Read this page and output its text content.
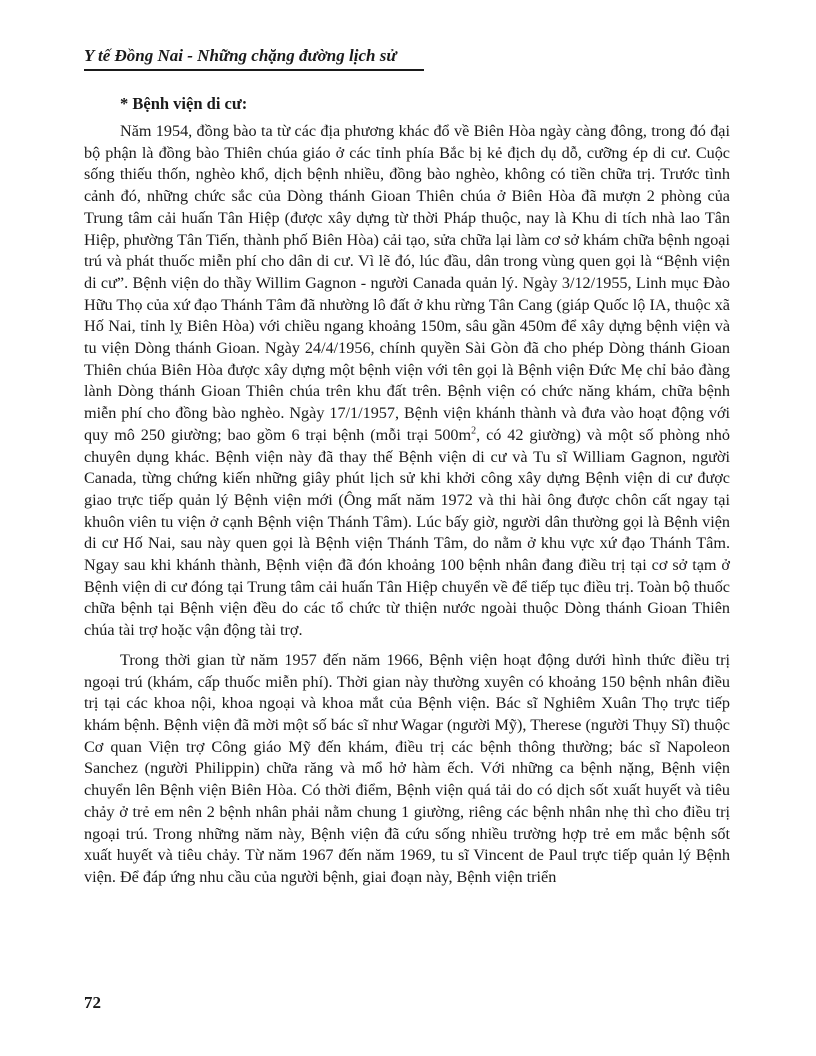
Y tế Đồng Nai - Những chặng đường lịch sử
* Bệnh viện di cư:

Năm 1954, đồng bào ta từ các địa phương khác đổ về Biên Hòa ngày càng đông, trong đó đại bộ phận là đồng bào Thiên chúa giáo ở các tỉnh phía Bắc bị kẻ địch dụ dỗ, cưỡng ép di cư. Cuộc sống thiếu thốn, nghèo khổ, dịch bệnh nhiều, đồng bào nghèo, không có tiền chữa trị. Trước tình cảnh đó, những chức sắc của Dòng thánh Gioan Thiên chúa ở Biên Hòa đã mượn 2 phòng của Trung tâm cải huấn Tân Hiệp (được xây dựng từ thời Pháp thuộc, nay là Khu di tích nhà lao Tân Hiệp, phường Tân Tiến, thành phố Biên Hòa) cải tạo, sửa chữa lại làm cơ sở khám chữa bệnh ngoại trú và phát thuốc miễn phí cho dân di cư. Vì lẽ đó, lúc đầu, dân trong vùng quen gọi là “Bệnh viện di cư”. Bệnh viện do thầy Willim Gagnon - người Canada quản lý. Ngày 3/12/1955, Linh mục Đào Hữu Thọ của xứ đạo Thánh Tâm đã nhường lô đất ở khu rừng Tân Cang (giáp Quốc lộ IA, thuộc xã Hố Nai, tỉnh lỵ Biên Hòa) với chiều ngang khoảng 150m, sâu gần 450m để xây dựng bệnh viện và tu viện Dòng thánh Gioan. Ngày 24/4/1956, chính quyền Sài Gòn đã cho phép Dòng thánh Gioan Thiên chúa Biên Hòa được xây dựng một bệnh viện với tên gọi là Bệnh viện Đức Mẹ chỉ bảo đàng lành Dòng thánh Gioan Thiên chúa trên khu đất trên. Bệnh viện có chức năng khám, chữa bệnh miễn phí cho đồng bào nghèo. Ngày 17/1/1957, Bệnh viện khánh thành và đưa vào hoạt động với quy mô 250 giường; bao gồm 6 trại bệnh (mỗi trại $500m^2$, có 42 giường) và một số phòng nhỏ chuyên dụng khác. Bệnh viện này đã thay thế Bệnh viện di cư và Tu sĩ William Gagnon, người Canada, từng chứng kiến những giây phút lịch sử khi khởi công xây dựng Bệnh viện di cư được giao trực tiếp quản lý Bệnh viện mới (Ông mất năm 1972 và thi hài ông được chôn cất ngay tại khuôn viên tu viện ở cạnh Bệnh viện Thánh Tâm). Lúc bấy giờ, người dân thường gọi là Bệnh viện di cư Hố Nai, sau này quen gọi là Bệnh viện Thánh Tâm, do nằm ở khu vực xứ đạo Thánh Tâm. Ngay sau khi khánh thành, Bệnh viện đã đón khoảng 100 bệnh nhân đang điều trị tại cơ sở tạm ở Bệnh viện di cư đóng tại Trung tâm cải huấn Tân Hiệp chuyển về để tiếp tục điều trị. Toàn bộ thuốc chữa bệnh tại Bệnh viện đều do các tổ chức từ thiện nước ngoài thuộc Dòng thánh Gioan Thiên chúa tài trợ hoặc vận động tài trợ.

Trong thời gian từ năm 1957 đến năm 1966, Bệnh viện hoạt động dưới hình thức điều trị ngoại trú (khám, cấp thuốc miễn phí). Thời gian này thường xuyên có khoảng 150 bệnh nhân điều trị tại các khoa nội, khoa ngoại và khoa mắt của Bệnh viện. Bác sĩ Nghiêm Xuân Thọ trực tiếp khám bệnh. Bệnh viện đã mời một số bác sĩ như Wagar (người Mỹ), Therese (người Thụy Sĩ) thuộc Cơ quan Viện trợ Công giáo Mỹ đến khám, điều trị các bệnh thông thường; bác sĩ Napoleon Sanchez (người Philippin) chữa răng và mổ hở hàm ếch. Với những ca bệnh nặng, Bệnh viện chuyển lên Bệnh viện Biên Hòa. Có thời điểm, Bệnh viện quá tải do có dịch sốt xuất huyết và tiêu chảy ở trẻ em nên 2 bệnh nhân phải nằm chung 1 giường, riêng các bệnh nhân nhẹ thì cho điều trị ngoại trú. Trong những năm này, Bệnh viện đã cứu sống nhiều trường hợp trẻ em mắc bệnh sốt xuất huyết và tiêu chảy. Từ năm 1967 đến năm 1969, tu sĩ Vincent de Paul trực tiếp quản lý Bệnh viện. Để đáp ứng nhu cầu của người bệnh, giai đoạn này, Bệnh viện triển

72
